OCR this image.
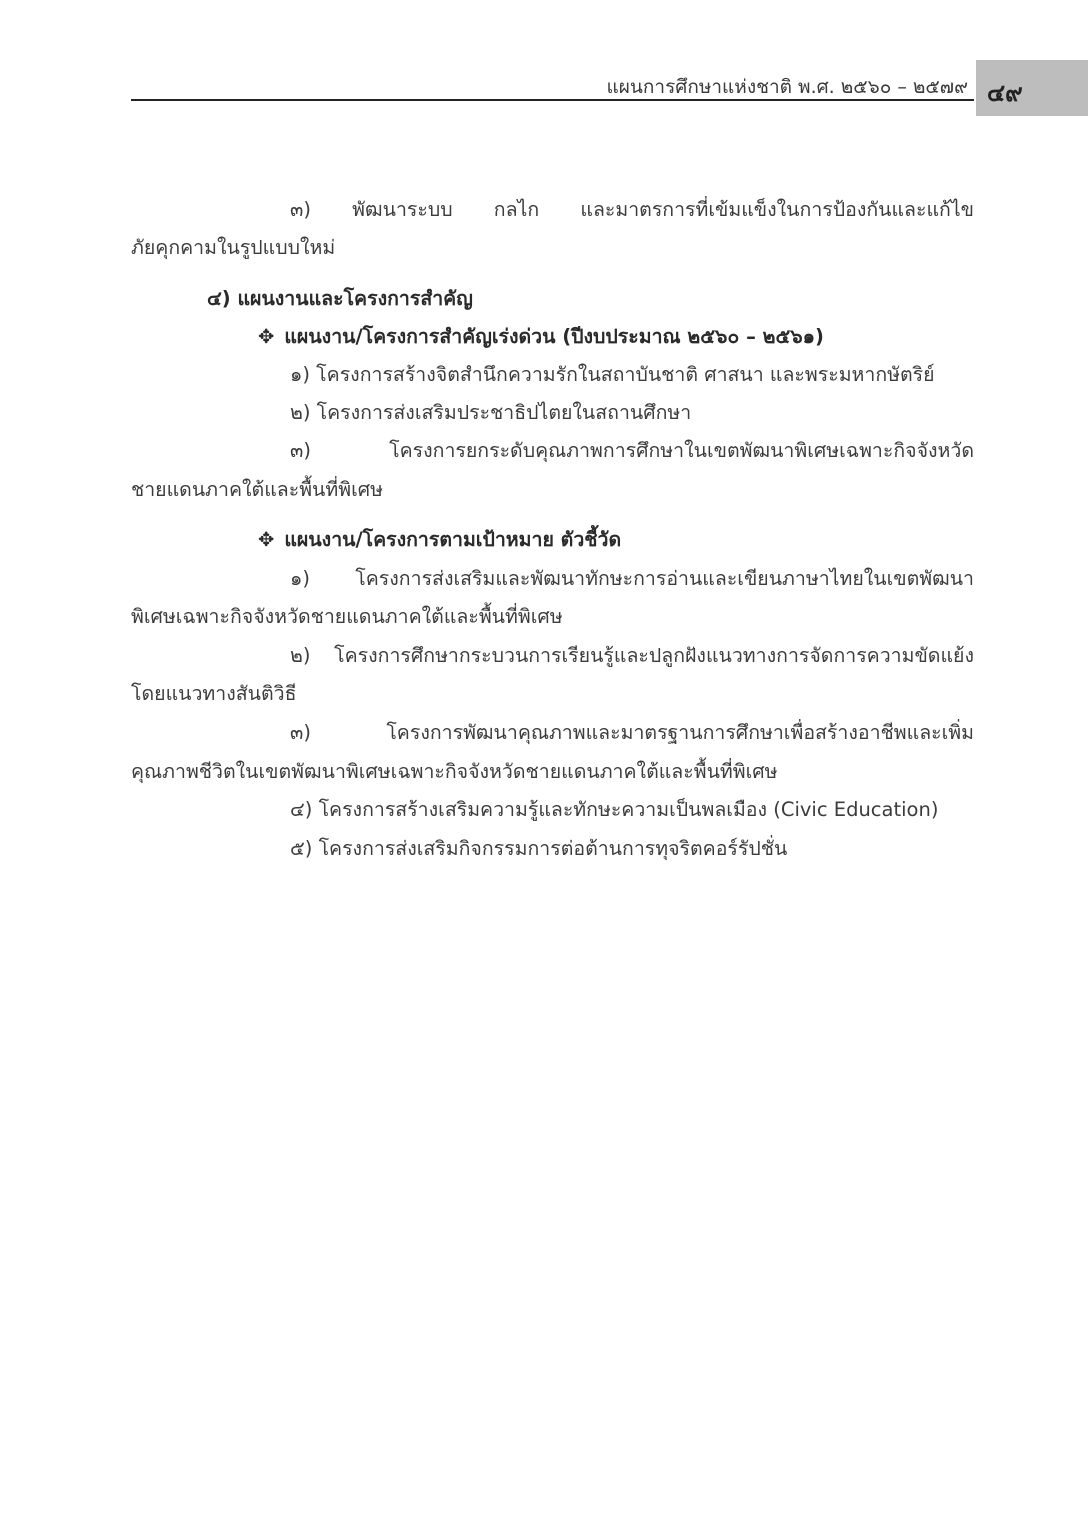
แผนการศึกษาแห่งชาติ พ.ศ. ๒๕๖๐ – ๒๕๗๙ ๔๙
๓) พัฒนาระบบ กลไก และมาตรการที่เข้มแข็งในการป้องกันและแก้ไข
ภัยคุกคามในรูปแบบใหม่
๔) แผนงานและโครงการสำคัญ
✥ แผนงาน/โครงการสำคัญเร่งด่วน (ปีงบประมาณ ๒๕๖๐ – ๒๕๖๑)
๑) โครงการสร้างจิตสำนึกความรักในสถาบันชาติ ศาสนา และพระมหากษัตริย์
๒) โครงการส่งเสริมประชาธิปไตยในสถานศึกษา
๓) โครงการยกระดับคุณภาพการศึกษาในเขตพัฒนาพิเศษเฉพาะกิจจังหวัด
ชายแดนภาคใต้และพื้นที่พิเศษ
✥ แผนงาน/โครงการตามเป้าหมาย ตัวชี้วัด
๑) โครงการส่งเสริมและพัฒนาทักษะการอ่านและเขียนภาษาไทยในเขตพัฒนา
พิเศษเฉพาะกิจจังหวัดชายแดนภาคใต้และพื้นที่พิเศษ
๒) โครงการศึกษากระบวนการเรียนรู้และปลูกฝังแนวทางการจัดการความขัดแย้ง
โดยแนวทางสันติวิธี
๓) โครงการพัฒนาคุณภาพและมาตรฐานการศึกษาเพื่อสร้างอาชีพและเพิ่ม
คุณภาพชีวิตในเขตพัฒนาพิเศษเฉพาะกิจจังหวัดชายแดนภาคใต้และพื้นที่พิเศษ
๔) โครงการสร้างเสริมความรู้และทักษะความเป็นพลเมือง (Civic Education)
๕) โครงการส่งเสริมกิจกรรมการต่อต้านการทุจริตคอร์รัปชั่น
